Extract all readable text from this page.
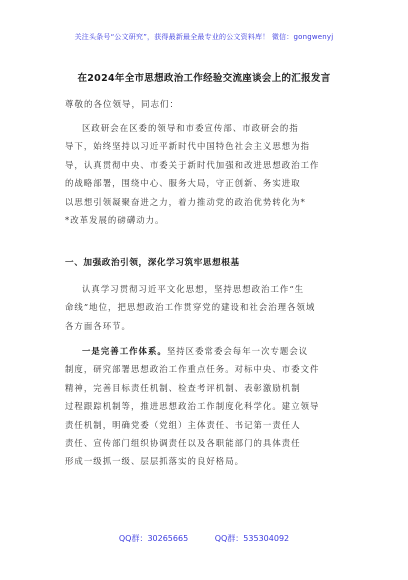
关注头条号“公文研究”，获得最新最全最专业的公文资料库！ 微信：gongwenyj
在2024年全市思想政治工作经验交流座谈会上的汇报发言
尊敬的各位领导，同志们：
区政研会在区委的领导和市委宣传部、市政研会的指
导下，始终坚持以习近平新时代中国特色社会主义思想为指
导，认真贯彻中央、市委关于新时代加强和改进思想政治工作
的战略部署，围绕中心、服务大局，守正创新、务实进取
以思想引领凝聚奋进之力，着力推动党的政治优势转化为*
*改革发展的磅礴动力。
一、加强政治引领，深化学习筑牢思想根基
认真学习贯彻习近平文化思想，坚持思想政治工作“生
命线”地位，把思想政治工作贯穿党的建设和社会治理各领域
各方面各环节。
一是完善工作体系。坚持区委常委会每年一次专题会议
制度，研究部署思想政治工作重点任务。对标中央、市委文件
精神，完善目标责任机制、检查考评机制、表彰激励机制
过程跟踪机制等，推进思想政治工作制度化科学化。建立领导
责任机制，明确党委（党组）主体责任、书记第一责任人
责任、宣传部门组织协调责任以及各职能部门的具体责任
形成一级抓一级、层层抓落实的良好格局。
QQ群：30265665	QQ群：535304092
